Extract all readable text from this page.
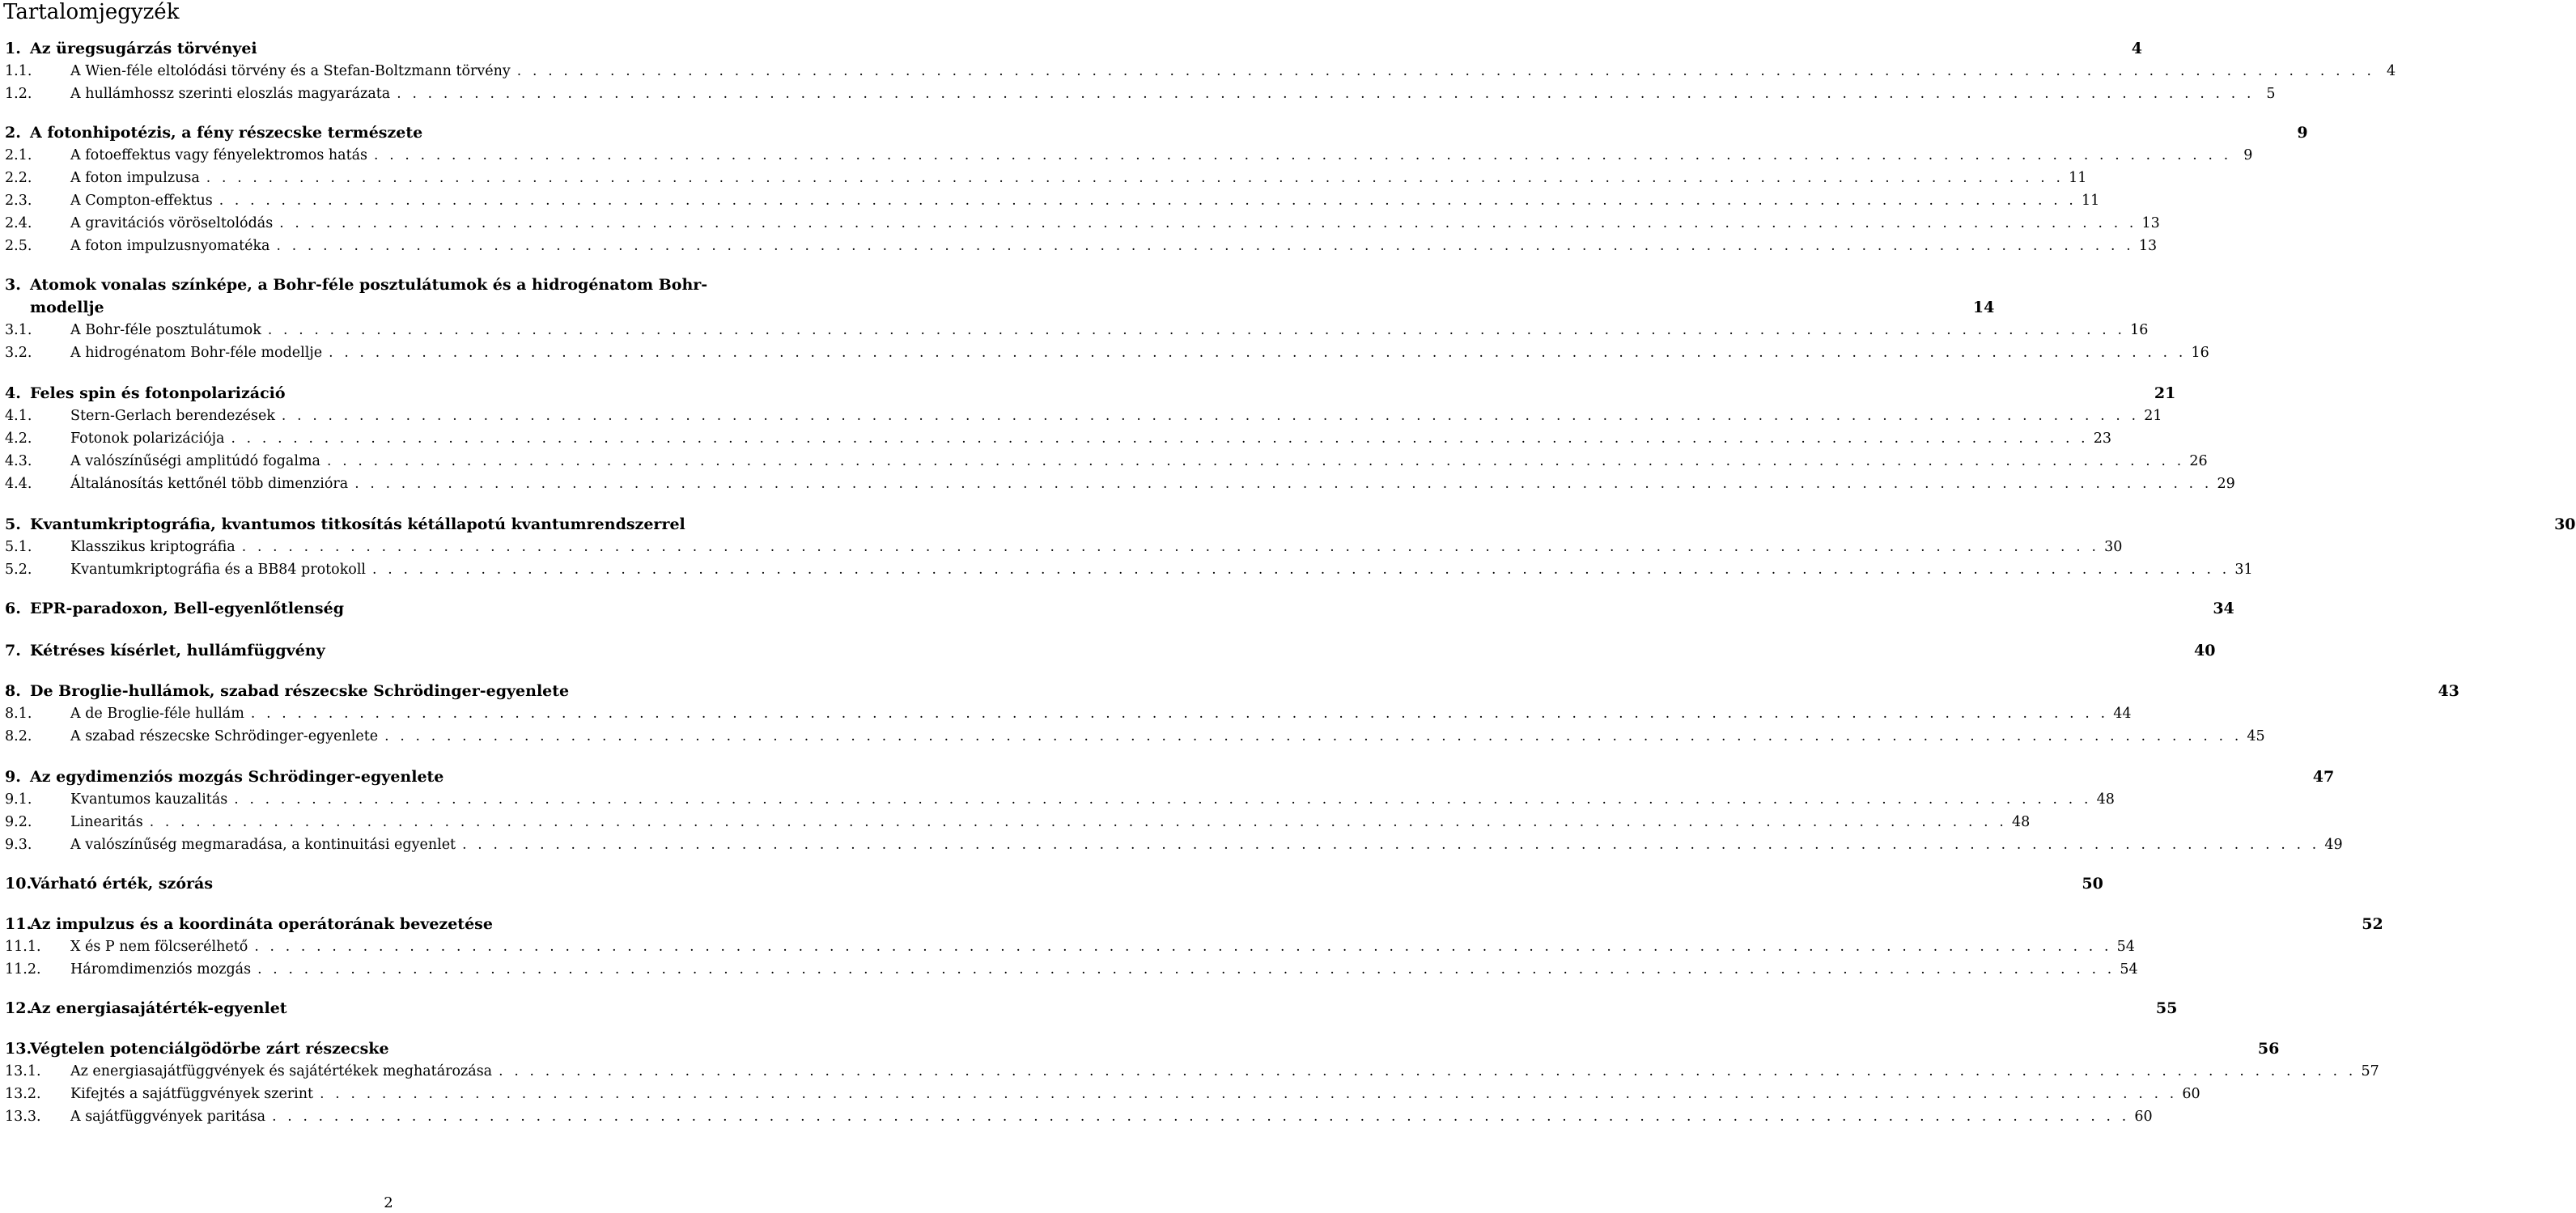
Tartalomjegyzék
1. Az üregsugárzás törvényei	4
1.1.	A Wien-féle eltolódási törvény és a Stefan-Boltzmann törvény . . . . . . . . . . . . . . . . . . . . . . . . . . . . . . . . . . . . . . . . . . . . . . . . . . . . . . . . . . . . . . . . . . . . . . . . . . . . . . . . . . . . . . . . . . . . . . . . . . . . . . . . . . . . . . . . . . . . . . . . 4
1.2.	A hullámhossz szerinti eloszlás magyarázata . . . . . . . . . . . . . . . . . . . . . . . . . . . . . . . . . . . . . . . . . . . . . . . . . . . . . . . . . . . . . . . . . . . . . . . . . . . . . . . . . . . . . . . . . . . . . . . . . . . . . . . . . . . . . . . . . . . . . . . . 5
2. A fotonhipotézis, a fény részecske természete	9
2.1.	A fotoeffektus vagy fényelektromos hatás . . . . . . . . . . . . . . . . . . . . . . . . . . . . . . . . . . . . . . . . . . . . . . . . . . . . . . . . . . . . . . . . . . . . . . . . . . . . . . . . . . . . . . . . . . . . . . . . . . . . . . . . . . . . . . . . . . . . . . . . 9
2.2.	A foton impulzusa . . . . . . . . . . . . . . . . . . . . . . . . . . . . . . . . . . . . . . . . . . . . . . . . . . . . . . . . . . . . . . . . . . . . . . . . . . . . . . . . . . . . . . . . . . . . . . . . . . . . . . . . . . . . . . . . . . . . . . . . 11
2.3.	A Compton-effektus . . . . . . . . . . . . . . . . . . . . . . . . . . . . . . . . . . . . . . . . . . . . . . . . . . . . . . . . . . . . . . . . . . . . . . . . . . . . . . . . . . . . . . . . . . . . . . . . . . . . . . . . . . . . . . . . . . . . . . . . 11
2.4.	A gravitációs vöröseltolódás . . . . . . . . . . . . . . . . . . . . . . . . . . . . . . . . . . . . . . . . . . . . . . . . . . . . . . . . . . . . . . . . . . . . . . . . . . . . . . . . . . . . . . . . . . . . . . . . . . . . . . . . . . . . . . . . . . . . . . . . 13
2.5.	A foton impulzusnyomatéka . . . . . . . . . . . . . . . . . . . . . . . . . . . . . . . . . . . . . . . . . . . . . . . . . . . . . . . . . . . . . . . . . . . . . . . . . . . . . . . . . . . . . . . . . . . . . . . . . . . . . . . . . . . . . . . . . . . . . . . . 13
3. Atomok vonalas színképe, a Bohr-féle posztulátumok és a hidrogénatom Bohr-
modellje	14
3.1.	A Bohr-féle posztulátumok . . . . . . . . . . . . . . . . . . . . . . . . . . . . . . . . . . . . . . . . . . . . . . . . . . . . . . . . . . . . . . . . . . . . . . . . . . . . . . . . . . . . . . . . . . . . . . . . . . . . . . . . . . . . . . . . . . . . . . . . 16
3.2.	A hidrogénatom Bohr-féle modellje . . . . . . . . . . . . . . . . . . . . . . . . . . . . . . . . . . . . . . . . . . . . . . . . . . . . . . . . . . . . . . . . . . . . . . . . . . . . . . . . . . . . . . . . . . . . . . . . . . . . . . . . . . . . . . . . . . . . . . . . 16
4. Feles spin és fotonpolarizáció	21
4.1.	Stern-Gerlach berendezések . . . . . . . . . . . . . . . . . . . . . . . . . . . . . . . . . . . . . . . . . . . . . . . . . . . . . . . . . . . . . . . . . . . . . . . . . . . . . . . . . . . . . . . . . . . . . . . . . . . . . . . . . . . . . . . . . . . . . . . . 21
4.2.	Fotonok polarizációja . . . . . . . . . . . . . . . . . . . . . . . . . . . . . . . . . . . . . . . . . . . . . . . . . . . . . . . . . . . . . . . . . . . . . . . . . . . . . . . . . . . . . . . . . . . . . . . . . . . . . . . . . . . . . . . . . . . . . . . . 23
4.3.	A valószínűségi amplitúdó fogalma . . . . . . . . . . . . . . . . . . . . . . . . . . . . . . . . . . . . . . . . . . . . . . . . . . . . . . . . . . . . . . . . . . . . . . . . . . . . . . . . . . . . . . . . . . . . . . . . . . . . . . . . . . . . . . . . . . . . . . . . 26
4.4.	Általánosítás kettőnél több dimenzióra . . . . . . . . . . . . . . . . . . . . . . . . . . . . . . . . . . . . . . . . . . . . . . . . . . . . . . . . . . . . . . . . . . . . . . . . . . . . . . . . . . . . . . . . . . . . . . . . . . . . . . . . . . . . . . . . . . . . . . . . 29
5. Kvantumkriptográfia, kvantumos titkosítás kétállapotú kvantumrendszerrel	30
5.1.	Klasszikus kriptográfia . . . . . . . . . . . . . . . . . . . . . . . . . . . . . . . . . . . . . . . . . . . . . . . . . . . . . . . . . . . . . . . . . . . . . . . . . . . . . . . . . . . . . . . . . . . . . . . . . . . . . . . . . . . . . . . . . . . . . . . . 30
5.2.	Kvantumkriptográfia és a BB84 protokoll . . . . . . . . . . . . . . . . . . . . . . . . . . . . . . . . . . . . . . . . . . . . . . . . . . . . . . . . . . . . . . . . . . . . . . . . . . . . . . . . . . . . . . . . . . . . . . . . . . . . . . . . . . . . . . . . . . . . . . . . 31
6. EPR-paradoxon, Bell-egyenlőtlenség	34
7. Kétréses kísérlet, hullámfüggvény	40
8. De Broglie-hullámok, szabad részecske Schrödinger-egyenlete	43
8.1.	A de Broglie-féle hullám . . . . . . . . . . . . . . . . . . . . . . . . . . . . . . . . . . . . . . . . . . . . . . . . . . . . . . . . . . . . . . . . . . . . . . . . . . . . . . . . . . . . . . . . . . . . . . . . . . . . . . . . . . . . . . . . . . . . . . . . 44
8.2.	A szabad részecske Schrödinger-egyenlete . . . . . . . . . . . . . . . . . . . . . . . . . . . . . . . . . . . . . . . . . . . . . . . . . . . . . . . . . . . . . . . . . . . . . . . . . . . . . . . . . . . . . . . . . . . . . . . . . . . . . . . . . . . . . . . . . . . . . . . . 45
9. Az egydimenziós mozgás Schrödinger-egyenlete	47
9.1.	Kvantumos kauzalitás . . . . . . . . . . . . . . . . . . . . . . . . . . . . . . . . . . . . . . . . . . . . . . . . . . . . . . . . . . . . . . . . . . . . . . . . . . . . . . . . . . . . . . . . . . . . . . . . . . . . . . . . . . . . . . . . . . . . . . . . 48
9.2.	Linearitás . . . . . . . . . . . . . . . . . . . . . . . . . . . . . . . . . . . . . . . . . . . . . . . . . . . . . . . . . . . . . . . . . . . . . . . . . . . . . . . . . . . . . . . . . . . . . . . . . . . . . . . . . . . . . . . . . . . . . . . . 48
9.3.	A valószínűség megmaradása, a kontinuitási egyenlet . . . . . . . . . . . . . . . . . . . . . . . . . . . . . . . . . . . . . . . . . . . . . . . . . . . . . . . . . . . . . . . . . . . . . . . . . . . . . . . . . . . . . . . . . . . . . . . . . . . . . . . . . . . . . . . . . . . . . . . . 49
10.
Várható érték, szórás	50
11.
Az impulzus és a koordináta operátorának bevezetése	52
11.1.	X és P nem fölcserélhető . . . . . . . . . . . . . . . . . . . . . . . . . . . . . . . . . . . . . . . . . . . . . . . . . . . . . . . . . . . . . . . . . . . . . . . . . . . . . . . . . . . . . . . . . . . . . . . . . . . . . . . . . . . . . . . . . . . . . . . . 54
11.2.	Háromdimenziós mozgás . . . . . . . . . . . . . . . . . . . . . . . . . . . . . . . . . . . . . . . . . . . . . . . . . . . . . . . . . . . . . . . . . . . . . . . . . . . . . . . . . . . . . . . . . . . . . . . . . . . . . . . . . . . . . . . . . . . . . . . . 54
12.
Az energiasajátérték-egyenlet	55
13.
Végtelen potenciálgödörbe zárt részecske	56
13.1.	Az energiasajátfüggvények és sajátértékek meghatározása . . . . . . . . . . . . . . . . . . . . . . . . . . . . . . . . . . . . . . . . . . . . . . . . . . . . . . . . . . . . . . . . . . . . . . . . . . . . . . . . . . . . . . . . . . . . . . . . . . . . . . . . . . . . . . . . . . . . . . . . 57
13.2.	Kifejtés a sajátfüggvények szerint . . . . . . . . . . . . . . . . . . . . . . . . . . . . . . . . . . . . . . . . . . . . . . . . . . . . . . . . . . . . . . . . . . . . . . . . . . . . . . . . . . . . . . . . . . . . . . . . . . . . . . . . . . . . . . . . . . . . . . . . 60
13.3.	A sajátfüggvények paritása . . . . . . . . . . . . . . . . . . . . . . . . . . . . . . . . . . . . . . . . . . . . . . . . . . . . . . . . . . . . . . . . . . . . . . . . . . . . . . . . . . . . . . . . . . . . . . . . . . . . . . . . . . . . . . . . . . . . . . . . 60
2
